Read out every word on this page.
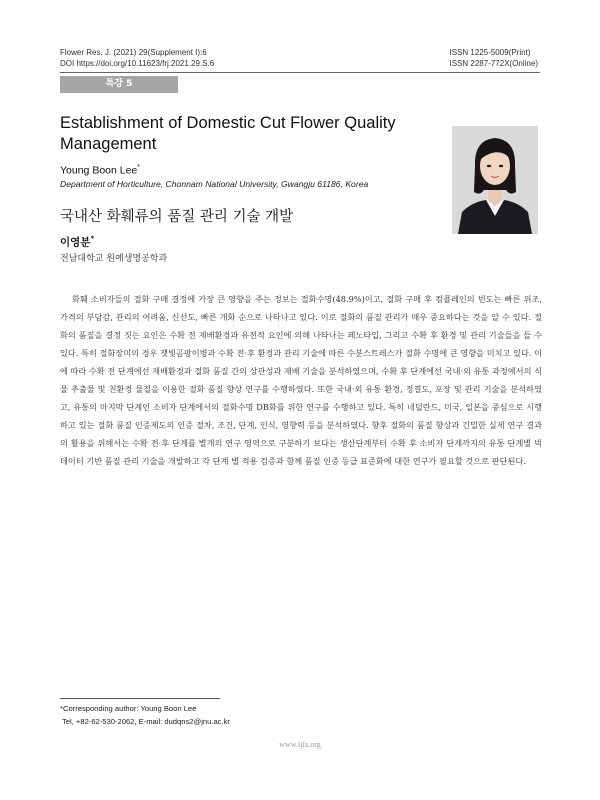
Flower Res. J. (2021) 29(Supplement I):6
DOI https://doi.org/10.11623/frj.2021.29.S.6
ISSN 1225-5009(Print)
ISSN 2287-772X(Online)
특강 5
Establishment of Domestic Cut Flower Quality Management
Young Boon Lee*
Department of Horticulture, Chonnam National University, Gwangju 61186, Korea
국내산 화훼류의 품질 관리 기술 개발
이영분*
전남대학교 원예생명공학과

화훼 소비자들의 절화 구매 결정에 가장 큰 영향을 주는 정보는 절화수명(48.9%)이고, 절화 구매 후 컴플레인의 빈도는 빠른 위조, 가격의 부담감, 관리의 어려움, 신선도, 빠른 개화 순으로 나타나고 있다. 이로 절화의 품질 관리가 매우 중요하다는 것을 알 수 있다. 절화의 품질을 결정 짓는 요인은 수확 전 재배환경과 유전적 요인에 의해 나타나는 페노타입, 그리고 수확 후 환경 및 관리 기술들을 들 수 있다. 특히 절화장미의 경우 잿빛곰팡이병과 수확 전·후 환경과 관리 기술에 따른 수분스트레스가 절화 수명에 큰 영향을 미치고 있다. 이에 따라 수확 전 단계에선 재배환경과 절화 품질 간의 상관성과 재배 기술을 분석하였으며, 수확 후 단계에선 국내·외 유통 과정에서의 식물 추출물 및 친환경 물질을 이용한 절화 품질 향상 연구를 수행하였다. 또한 국내·외 유통 환경, 정결도, 포장 및 관리 기술을 분석하였고, 유통의 마지막 단계인 소비자 단계에서의 절화수명 DB화를 위한 연구를 수행하고 있다. 특히 네덜란드, 미국, 일본을 중심으로 시행하고 있는 절화 품질 인증제도의 인증 절차, 조건, 단계, 인식, 영향력 등을 분석하였다. 향후 절화의 품질 향상과 긴밀한 실제 연구 결과의 활용을 위해서는 수확 전·후 단계를 별개의 연구 영역으로 구분하기 보다는 생산단계부터 수확 후 소비자 단계까지의 유통 단계별 빅데이터 기반 품질 관리 기술을 개발하고 각 단계 별 적용 검증과 함께 품질 인증 등급 표준화에 대한 연구가 필요할 것으로 판단된다.

*Corresponding author: Young Boon Lee
Tel, +82-62-530-2062, E-mail: dudqns2@jnu.ac.kr
www.ijfs.org
